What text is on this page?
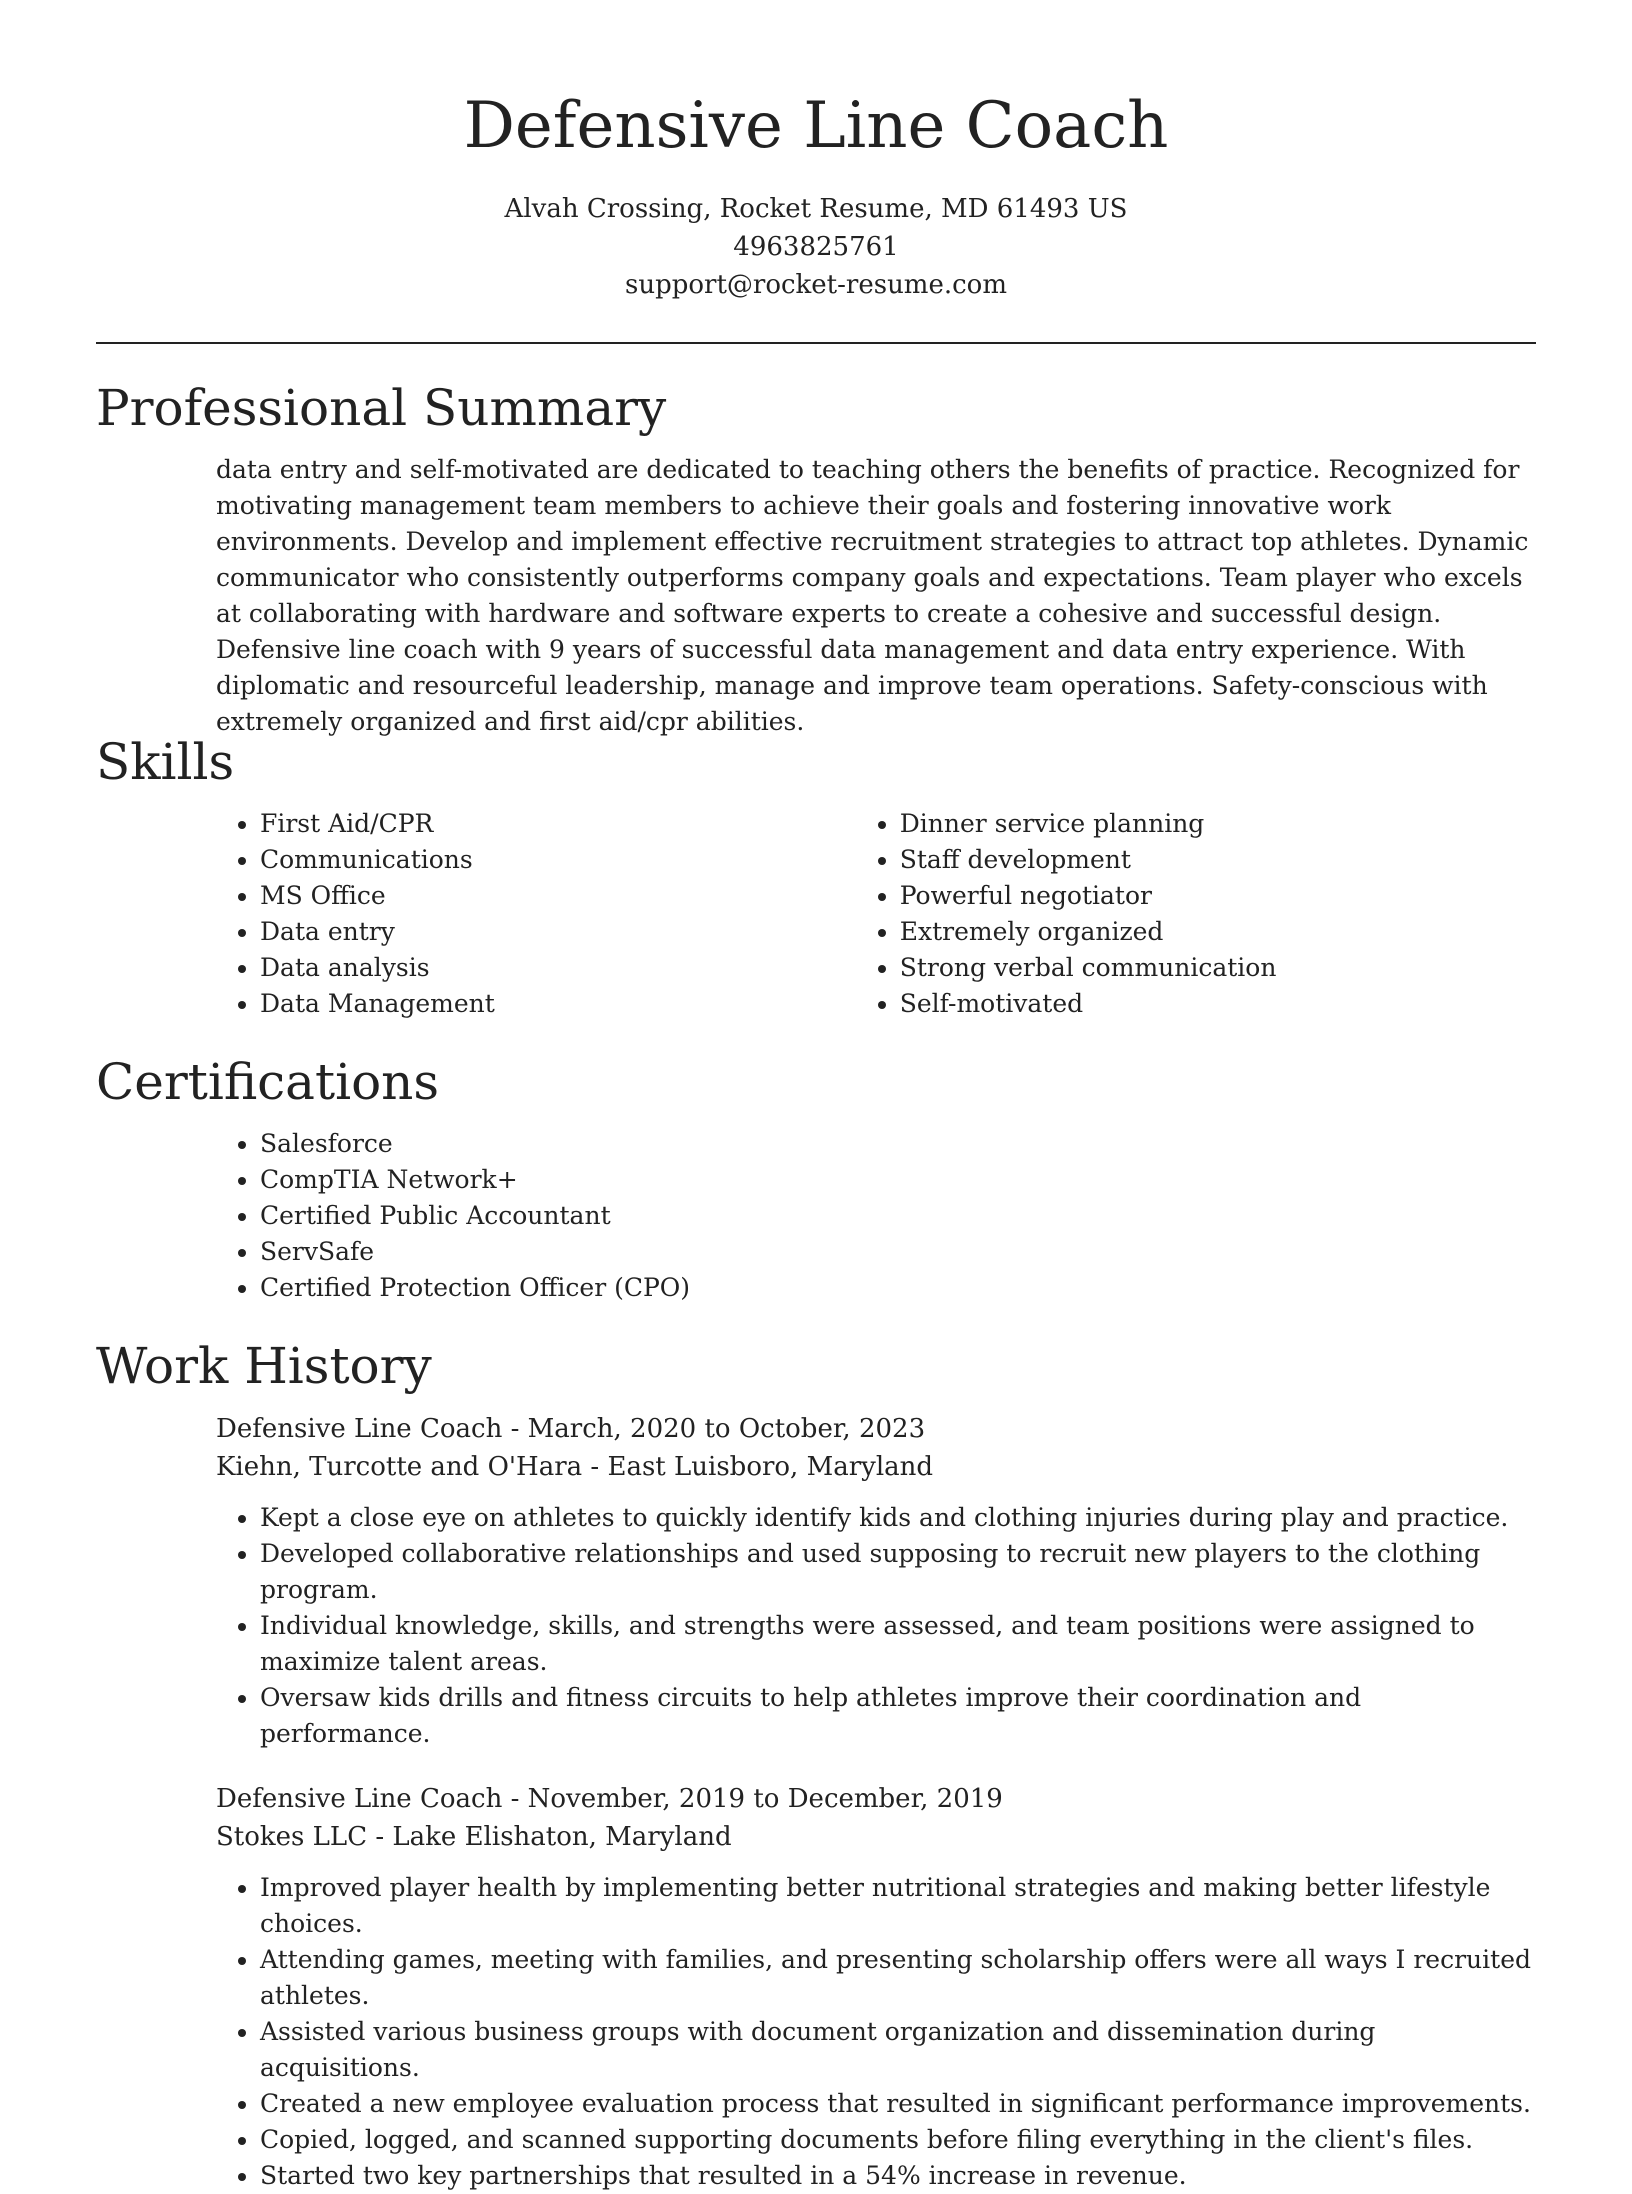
Defensive Line Coach
Alvah Crossing, Rocket Resume, MD 61493 US
4963825761
support@rocket-resume.com
Professional Summary

data entry and self-motivated are dedicated to teaching others the benefits of practice. Recognized for motivating management team members to achieve their goals and fostering innovative work environments. Develop and implement effective recruitment strategies to attract top athletes. Dynamic communicator who consistently outperforms company goals and expectations. Team player who excels at collaborating with hardware and software experts to create a cohesive and successful design. Defensive line coach with 9 years of successful data management and data entry experience. With diplomatic and resourceful leadership, manage and improve team operations. Safety-conscious with extremely organized and first aid/cpr abilities.

Skills
• First Aid/CPR
• Communications
• MS Office
• Data entry
• Data analysis
• Data Management
• Dinner service planning
• Staff development
• Powerful negotiator
• Extremely organized
• Strong verbal communication
• Self-motivated
Certifications
• Salesforce
• CompTIA Network+
• Certified Public Accountant
• ServSafe
• Certified Protection Officer (CPO)
Work History
Defensive Line Coach - March, 2020 to October, 2023
Kiehn, Turcotte and O'Hara - East Luisboro, Maryland
• Kept a close eye on athletes to quickly identify kids and clothing injuries during play and practice.
• Developed collaborative relationships and used supposing to recruit new players to the clothing program.
• Individual knowledge, skills, and strengths were assessed, and team positions were assigned to maximize talent areas.
• Oversaw kids drills and fitness circuits to help athletes improve their coordination and performance.
Defensive Line Coach - November, 2019 to December, 2019
Stokes LLC - Lake Elishaton, Maryland
• Improved player health by implementing better nutritional strategies and making better lifestyle choices.
• Attending games, meeting with families, and presenting scholarship offers were all ways I recruited athletes.
• Assisted various business groups with document organization and dissemination during acquisitions.
• Created a new employee evaluation process that resulted in significant performance improvements.
• Copied, logged, and scanned supporting documents before filing everything in the client's files.
• Started two key partnerships that resulted in a 54% increase in revenue.
